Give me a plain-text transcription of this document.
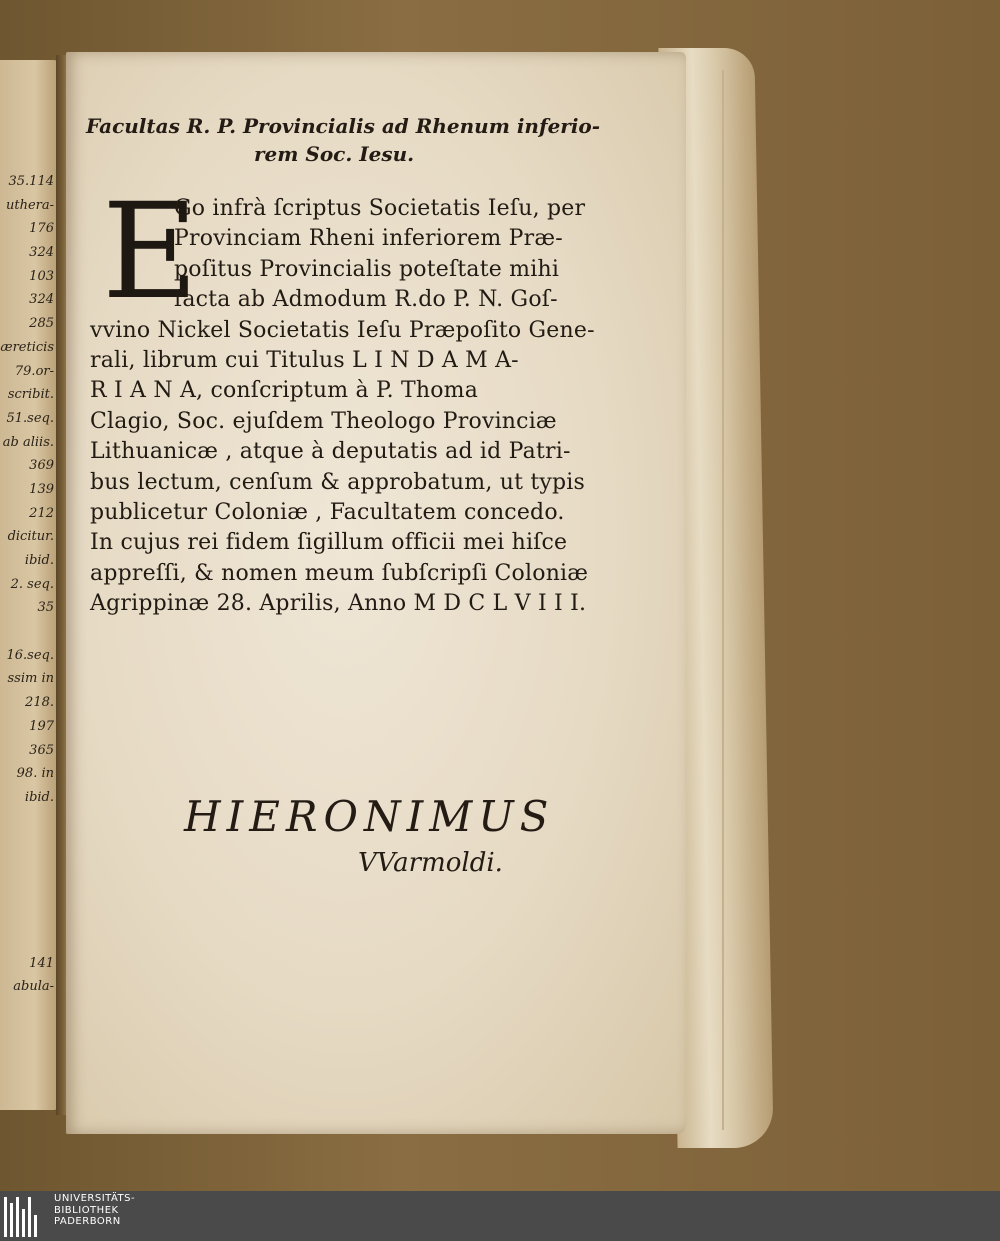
35.114
uthera-
176
324
103
324
285
æreticis
79.or-
scribit.
51.seq.
ab aliis.
369
139
212
dicitur.
ibid.
2. seq.
35
16.seq.
ssim in
218.
197
365
98. in
ibid.
141
abula-
Facultas R. P. Provincialis ad Rhenum inferio-
rem Soc. Iesu.
E
Go infrà ſcriptus Societatis Ieſu, per
Provinciam Rheni inferiorem Præ-
poſitus Provincialis poteſtate mihi
facta ab Admodum R.do P. N. Goſ-
vvino Nickel Societatis Ieſu Præpoſito Gene-
rali, librum cui Titulus L I N D A M A-
R I A N A, conſcriptum à P. Thoma
Clagio, Soc. ejuſdem Theologo Provinciæ
Lithuanicæ , atque à deputatis ad id Patri-
bus lectum, cenſum & approbatum, ut typis
publicetur Coloniæ , Facultatem concedo.
In cujus rei fidem ſigillum officii mei hiſce
appreſſi, & nomen meum ſubſcripſi Coloniæ
Agrippinæ 28. Aprilis, Anno M D C L V I I I.
HIERONIMUS
VVarmoldi.
UNIVERSITÄTS-
BIBLIOTHEK
PADERBORN
